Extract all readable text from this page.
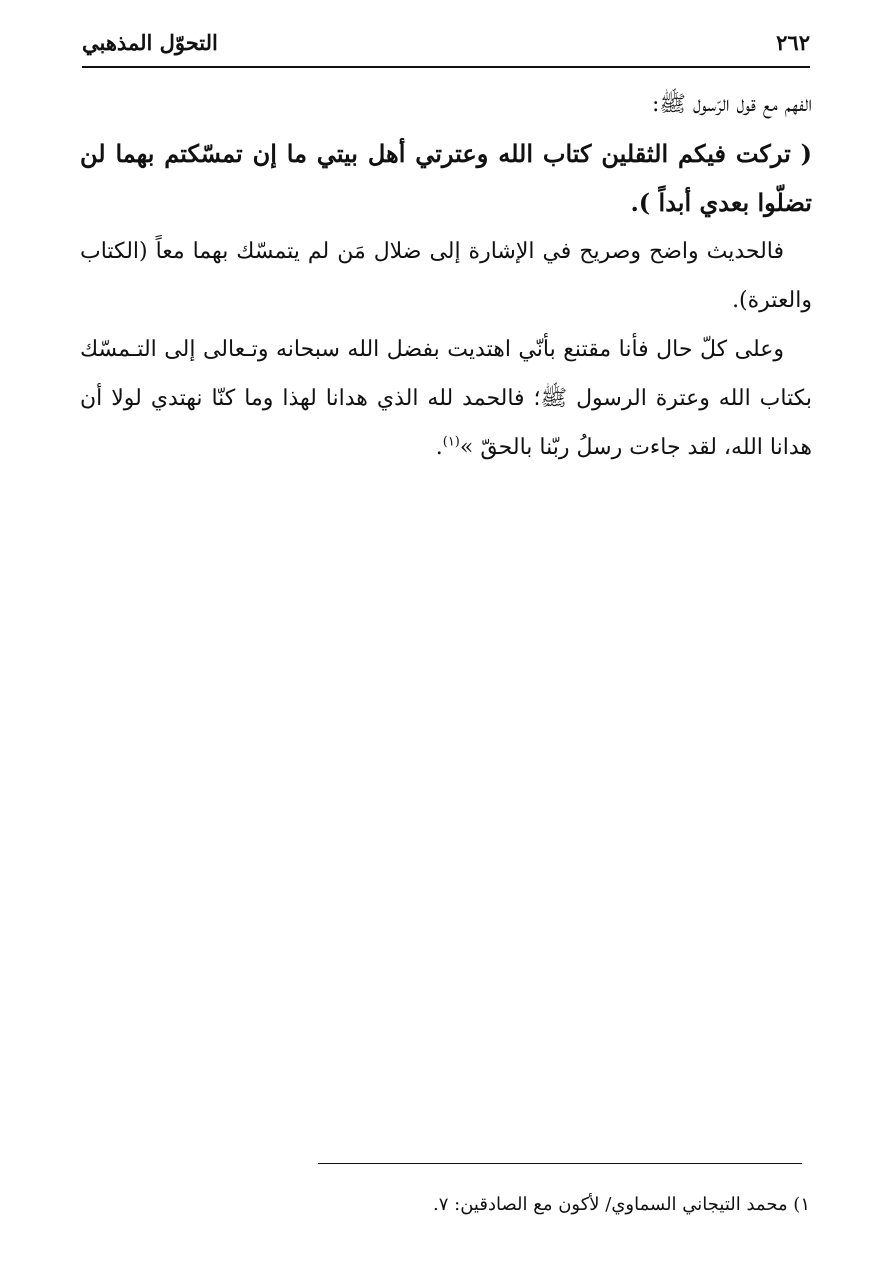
٢٦٢
التحوّل المذهبي

الفهم مع قول الرّسول ﷺ:

( تركت فيكم الثقلين كتاب الله وعترتي أهل بيتي ما إن تمسّكتم بهما لن تضلّوا بعدي أبداً ).

فالحديث واضح وصريح في الإشارة إلى ضلال مَن لم يتمسّك بهما معاً (الكتاب والعترة).

وعلى كلّ حال فأنا مقتنع بأنّي اهتديت بفضل الله سبحانه وتـعالى إلى التـمسّك بكتاب الله وعترة الرسول ﷺ؛ فالحمد لله الذي هدانا لهذا وما كنّا نهتدي لولا أن هدانا الله، لقد جاءت رسلُ ربّنا بالحقّ »$^{(١)}$.

١) محمد التيجاني السماوي/ لأكون مع الصادقين: ٧.
